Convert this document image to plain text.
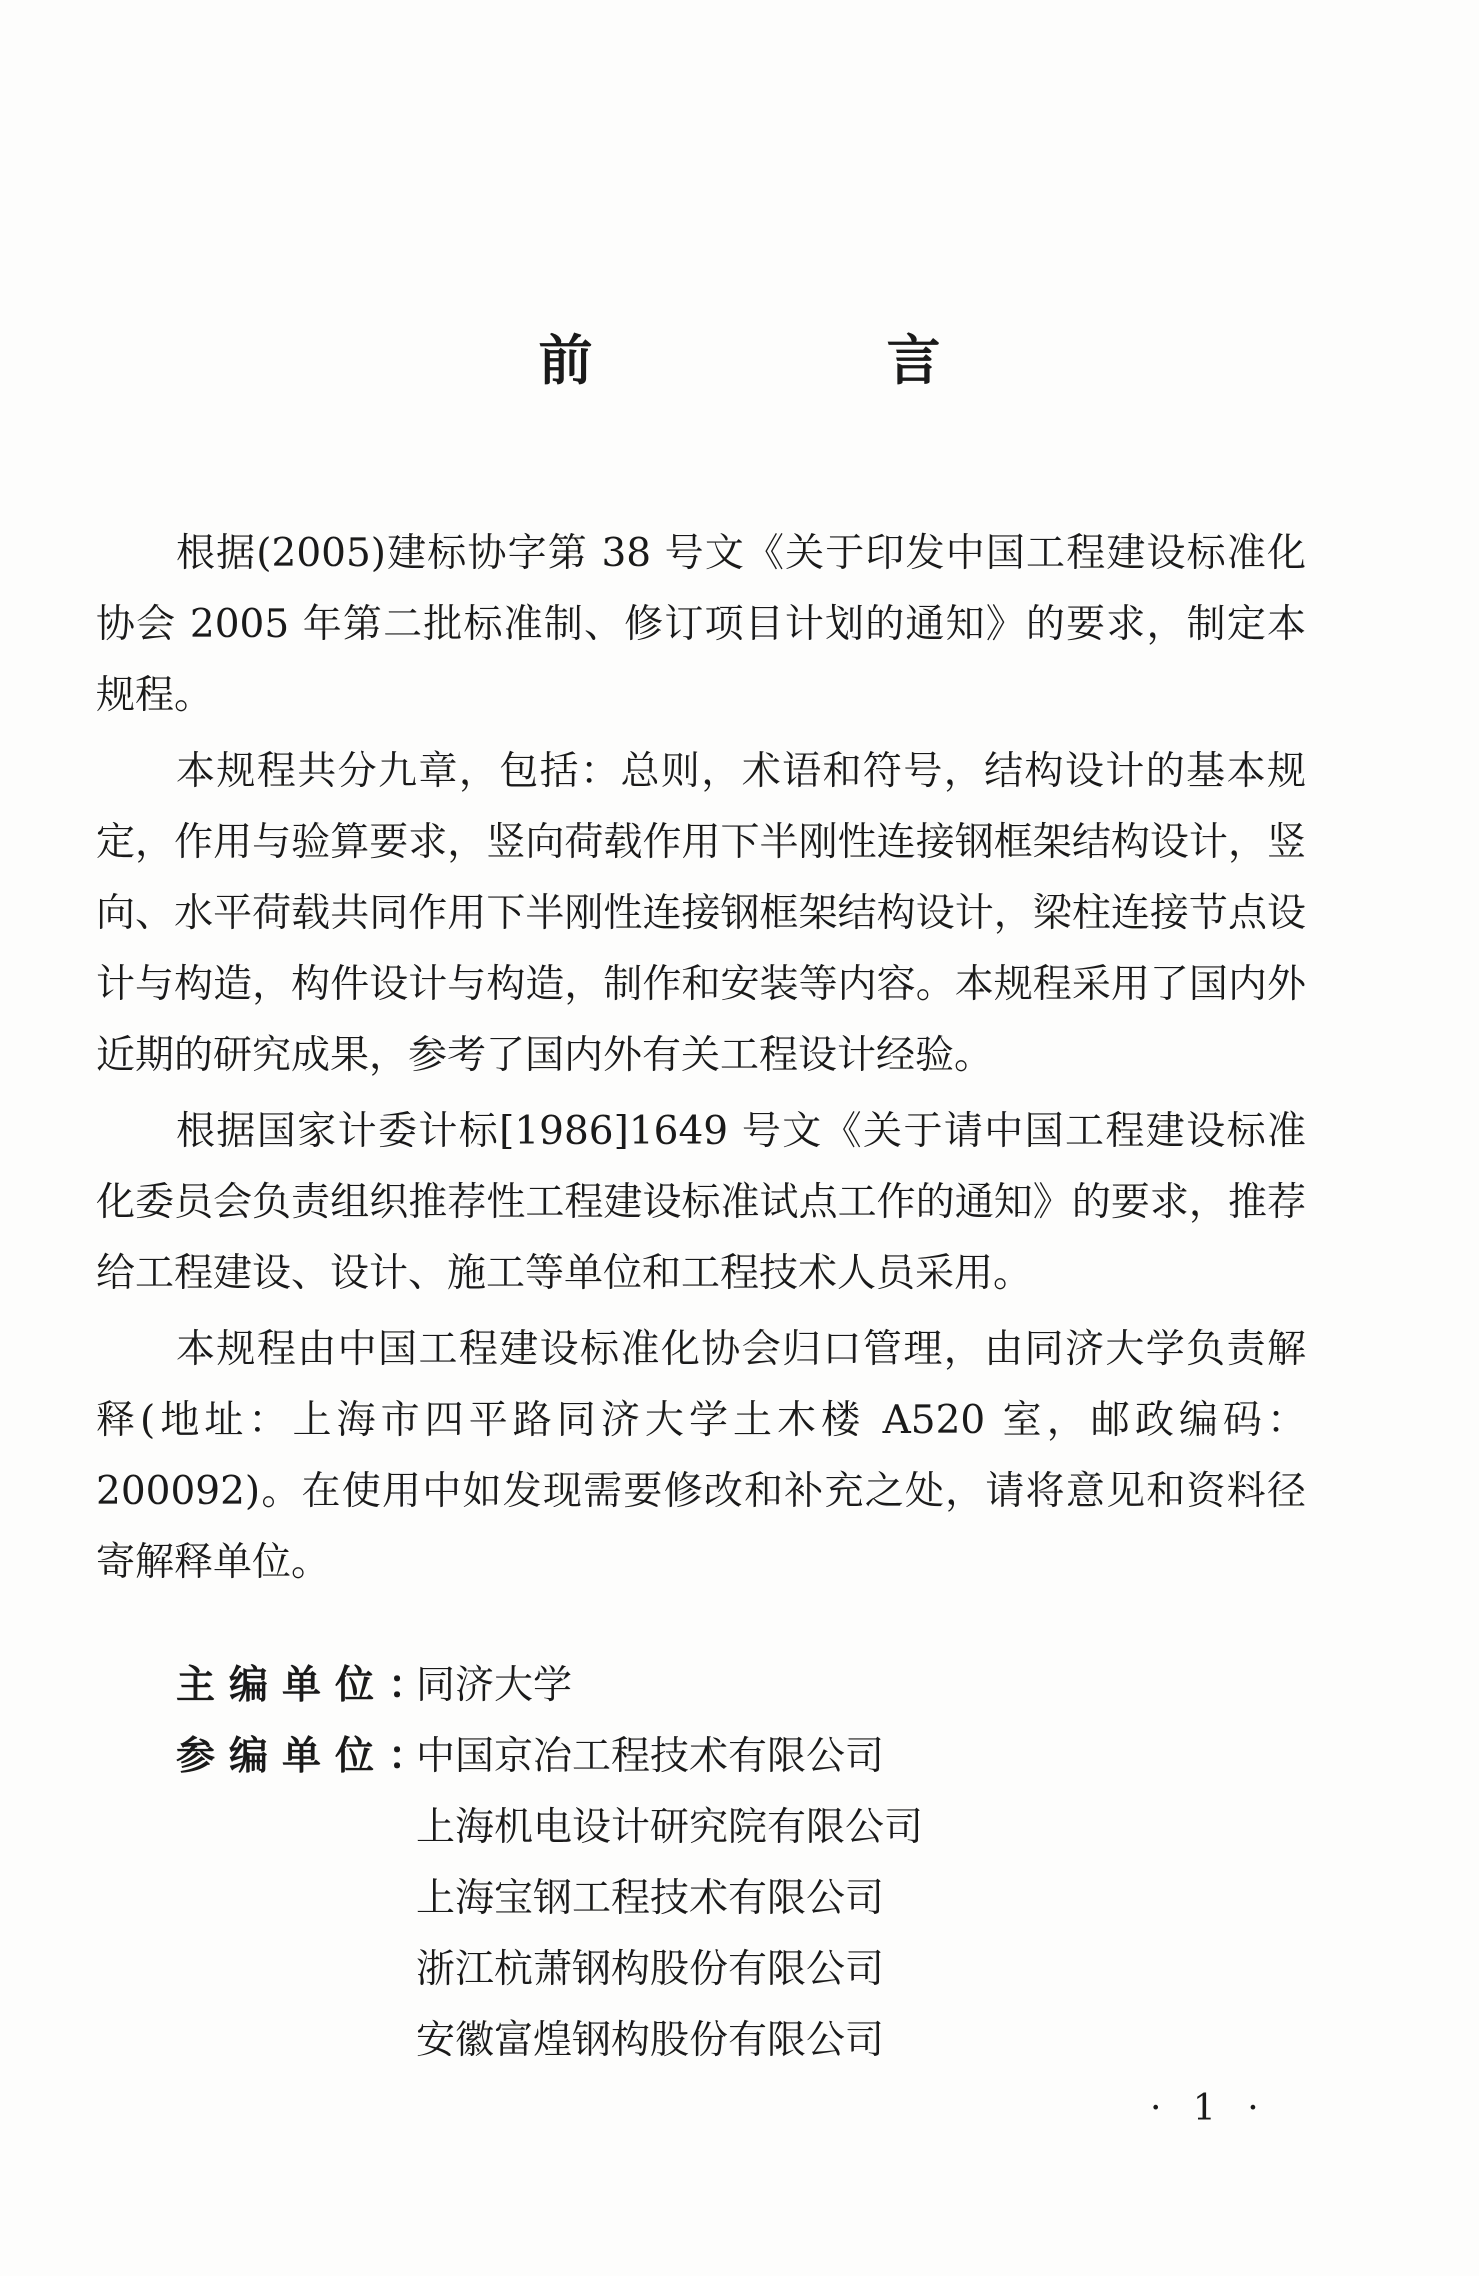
前　言

根据(2005)建标协字第 38 号文《关于印发中国工程建设标准化协会 2005 年第二批标准制、修订项目计划的通知》的要求，制定本规程。

本规程共分九章，包括：总则，术语和符号，结构设计的基本规定，作用与验算要求，竖向荷载作用下半刚性连接钢框架结构设计，竖向、水平荷载共同作用下半刚性连接钢框架结构设计，梁柱连接节点设计与构造，构件设计与构造，制作和安装等内容。本规程采用了国内外近期的研究成果，参考了国内外有关工程设计经验。

根据国家计委计标[1986]1649 号文《关于请中国工程建设标准化委员会负责组织推荐性工程建设标准试点工作的通知》的要求，推荐给工程建设、设计、施工等单位和工程技术人员采用。

本规程由中国工程建设标准化协会归口管理，由同济大学负责解释(地址：上海市四平路同济大学土木楼 A520 室，邮政编码：200092)。在使用中如发现需要修改和补充之处，请将意见和资料径寄解释单位。

主编单位：
同济大学
参编单位：
中国京冶工程技术有限公司
上海机电设计研究院有限公司
上海宝钢工程技术有限公司
浙江杭萧钢构股份有限公司
安徽富煌钢构股份有限公司
· 1 ·
